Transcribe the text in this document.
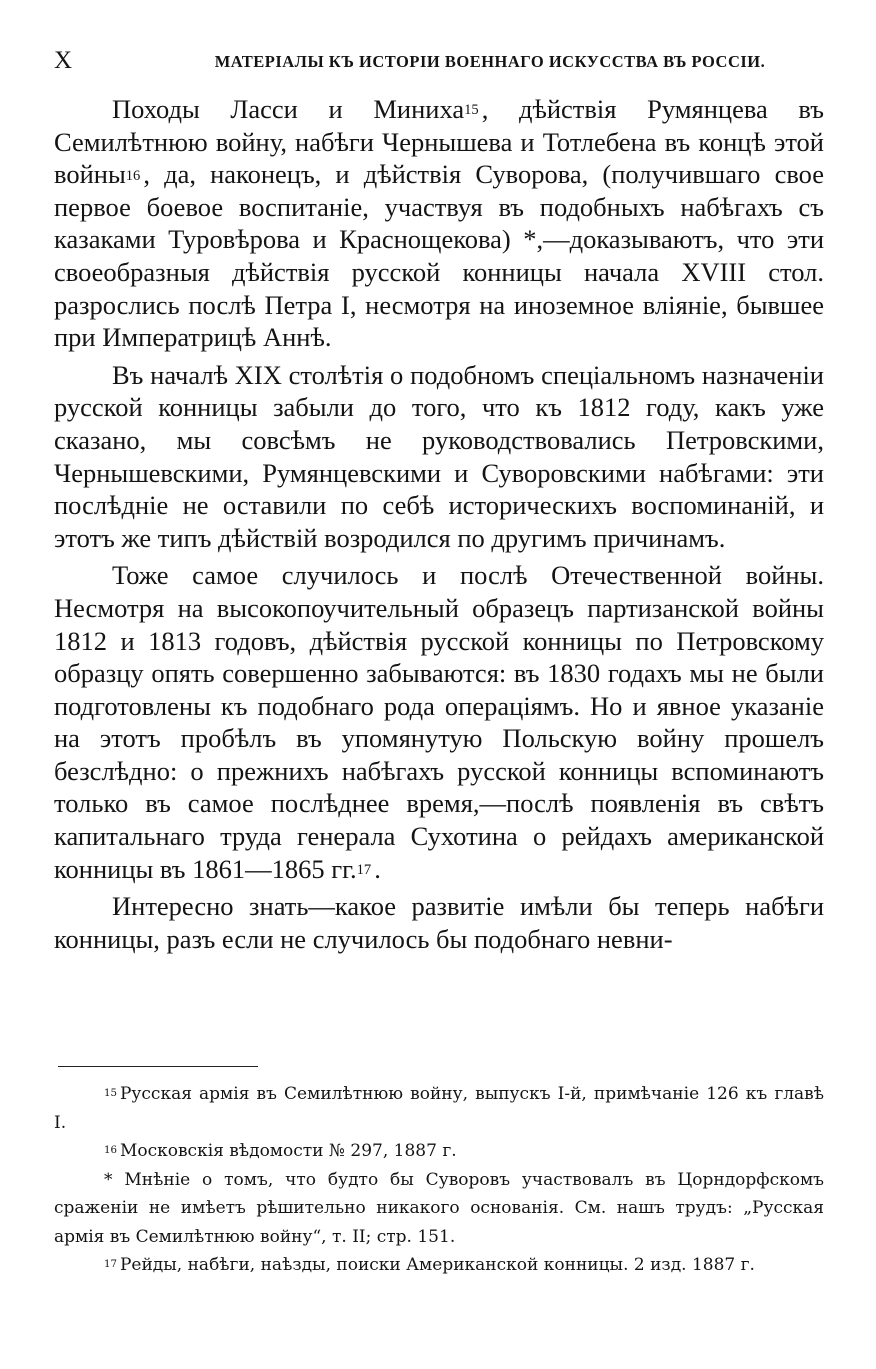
X	МАТЕРІАЛЫ КЪ ИСТОРІИ ВОЕННАГО ИСКУССТВА ВЪ РОССІИ.

Походы Ласси и Миниха$^{15}$ , дѣйствія Румянцева въ Семилѣтнюю войну, набѣги Чернышева и Тотлебена въ концѣ этой войны$^{16}$ , да, наконецъ, и дѣйствія Суворова, (получившаго свое первое боевое воспитаніе, участвуя въ подобныхъ набѣгахъ съ казаками Туровѣрова и Краснощекова) *,—доказываютъ, что эти своеобразныя дѣйствія русской конницы начала XVIII стол. разрослись послѣ Петра I, несмотря на иноземное вліяніе, бывшее при Императрицѣ Аннѣ.

Въ началѣ XIX столѣтія о подобномъ спеціальномъ назначеніи русской конницы забыли до того, что къ 1812 году, какъ уже сказано, мы совсѣмъ не руководствовались Петровскими, Чернышевскими, Румянцевскими и Суворовскими набѣгами: эти послѣдніе не оставили по себѣ историческихъ воспоминаній, и этотъ же типъ дѣйствій возродился по другимъ причинамъ.

Тоже самое случилось и послѣ Отечественной войны. Несмотря на высокопоучительный образецъ партизанской войны 1812 и 1813 годовъ, дѣйствія русской конницы по Петровскому образцу опять совершенно забываются: въ 1830 годахъ мы не были подготовлены къ подобнаго рода операціямъ. Но и явное указаніе на этотъ пробѣлъ въ упомянутую Польскую войну прошелъ безслѣдно: о прежнихъ набѣгахъ русской конницы вспоминаютъ только въ самое послѣднее время,—послѣ появленія въ свѣтъ капитальнаго труда генерала Сухотина о рейдахъ американской конницы въ 1861—1865 гг.$^{17}$ .

Интересно знать—какое развитіе имѣли бы теперь набѣги конницы, разъ если не случилось бы подобнаго невни-

$^{15}$ Русская армія въ Семилѣтнюю войну, выпускъ I-й, примѣчаніе 126 къ главѣ I.

$^{16}$ Московскія вѣдомости № 297, 1887 г.

* Мнѣніе о томъ, что будто бы Суворовъ участвовалъ въ Цорндорфскомъ сраженіи не имѣетъ рѣшительно никакого основанія. См. нашъ трудъ: „Русская армія въ Семилѣтнюю войну“, т. II; стр. 151.

$^{17}$ Рейды, набѣги, наѣзды, поиски Американской конницы. 2 изд. 1887 г.
